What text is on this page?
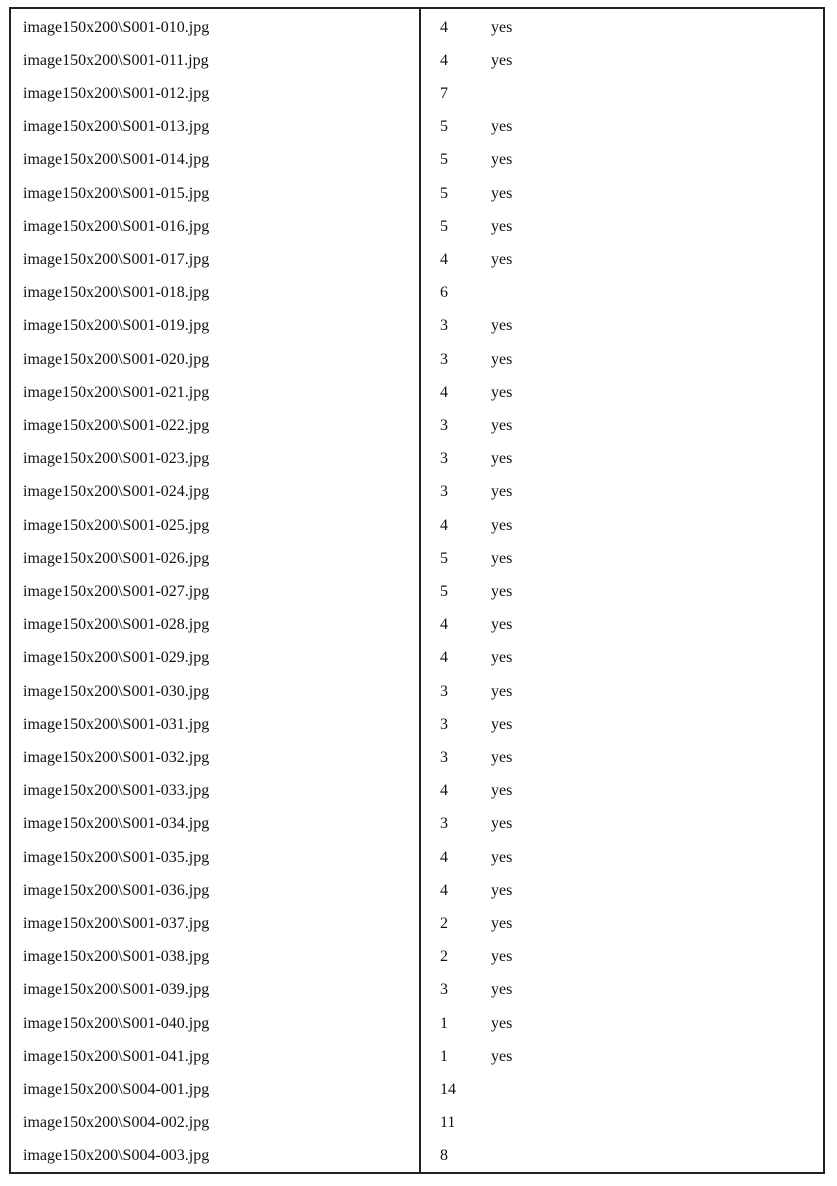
image150x200\S001-010.jpg	4	yes
image150x200\S001-011.jpg	4	yes
image150x200\S001-012.jpg	7
image150x200\S001-013.jpg	5	yes
image150x200\S001-014.jpg	5	yes
image150x200\S001-015.jpg	5	yes
image150x200\S001-016.jpg	5	yes
image150x200\S001-017.jpg	4	yes
image150x200\S001-018.jpg	6
image150x200\S001-019.jpg	3	yes
image150x200\S001-020.jpg	3	yes
image150x200\S001-021.jpg	4	yes
image150x200\S001-022.jpg	3	yes
image150x200\S001-023.jpg	3	yes
image150x200\S001-024.jpg	3	yes
image150x200\S001-025.jpg	4	yes
image150x200\S001-026.jpg	5	yes
image150x200\S001-027.jpg	5	yes
image150x200\S001-028.jpg	4	yes
image150x200\S001-029.jpg	4	yes
image150x200\S001-030.jpg	3	yes
image150x200\S001-031.jpg	3	yes
image150x200\S001-032.jpg	3	yes
image150x200\S001-033.jpg	4	yes
image150x200\S001-034.jpg	3	yes
image150x200\S001-035.jpg	4	yes
image150x200\S001-036.jpg	4	yes
image150x200\S001-037.jpg	2	yes
image150x200\S001-038.jpg	2	yes
image150x200\S001-039.jpg	3	yes
image150x200\S001-040.jpg	1	yes
image150x200\S001-041.jpg	1	yes
image150x200\S004-001.jpg	14
image150x200\S004-002.jpg	11
image150x200\S004-003.jpg	8
